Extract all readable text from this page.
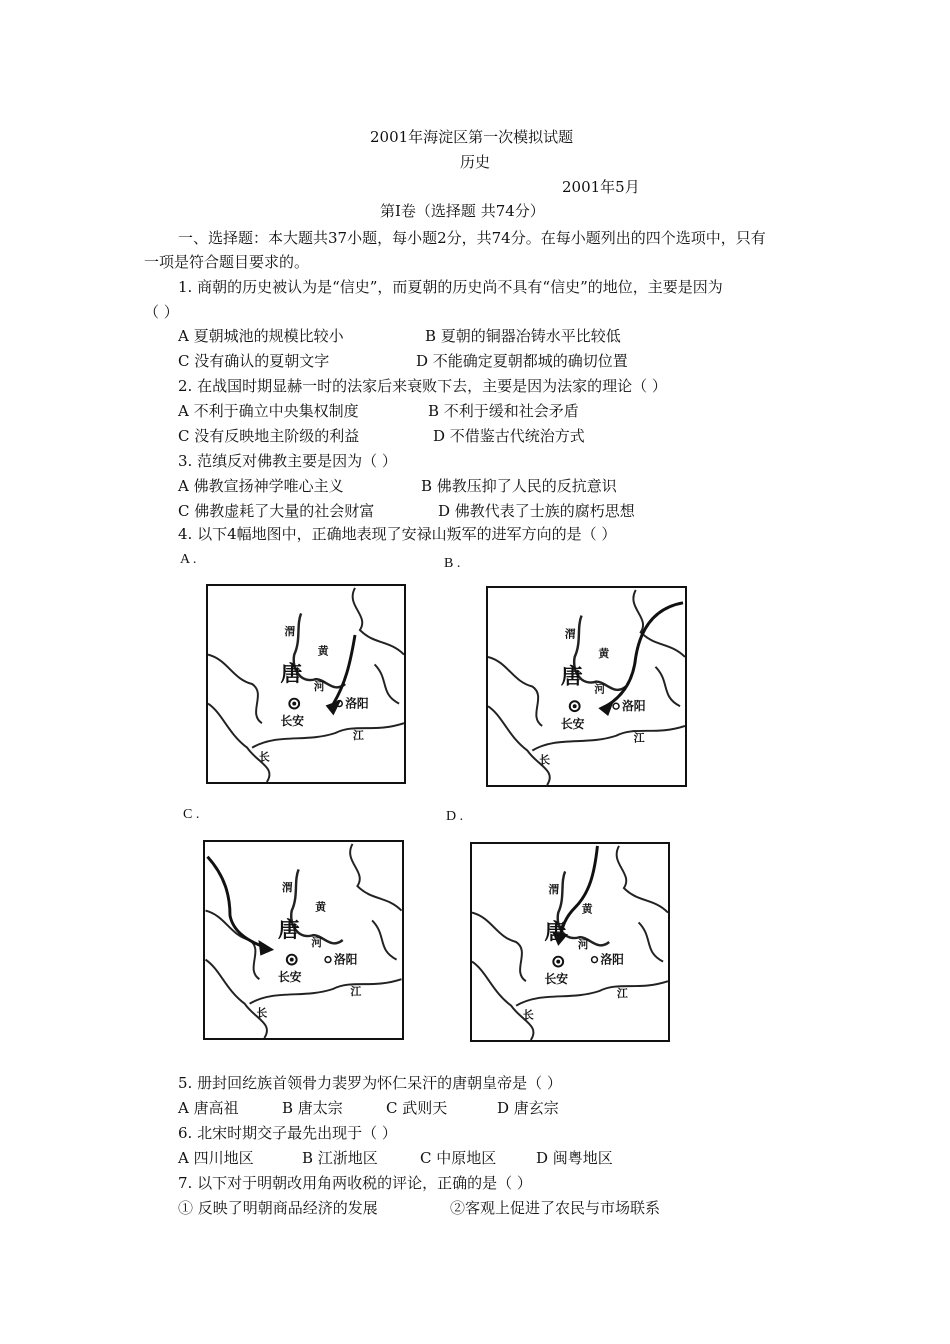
2001年海淀区第一次模拟试题
历史
2001年5月
第I卷（选择题 共74分）
一、选择题：本大题共37小题，每小题2分，共74分。在每小题列出的四个选项中，只有
一项是符合题目要求的。
1. 商朝的历史被认为是“信史”，而夏朝的历史尚不具有“信史”的地位，主要是因为
（ ）
A 夏朝城池的规模比较小	B 夏朝的铜器冶铸水平比较低
C 没有确认的夏朝文字	D 不能确定夏朝都城的确切位置
2. 在战国时期显赫一时的法家后来衰败下去，主要是因为法家的理论（ ）
A 不利于确立中央集权制度	B 不利于缓和社会矛盾
C 没有反映地主阶级的利益	D 不借鉴古代统治方式
3. 范缜反对佛教主要是因为（ ）
A 佛教宣扬神学唯心主义	B 佛教压抑了人民的反抗意识
C 佛教虚耗了大量的社会财富	D 佛教代表了士族的腐朽思想
4. 以下4幅地图中，正确地表现了安禄山叛军的进军方向的是（ ）
A .	B .
C .	D .
唐
长安
洛阳
黄
河
渭
江
长
唐
长安
洛阳
黄
河
渭
江
长
唐
长安
洛阳
黄
河
渭
江
长
唐
长安
洛阳
黄
河
渭
江
长
5. 册封回纥族首领骨力裴罗为怀仁呆汗的唐朝皇帝是（ ）
A 唐高祖	B 唐太宗	C 武则天	D 唐玄宗
6. 北宋时期交子最先出现于（ ）
A 四川地区	B 江浙地区	C 中原地区	D 闽粤地区
7. 以下对于明朝改用角两收税的评论，正确的是（ ）
① 反映了明朝商品经济的发展	②客观上促进了农民与市场联系
